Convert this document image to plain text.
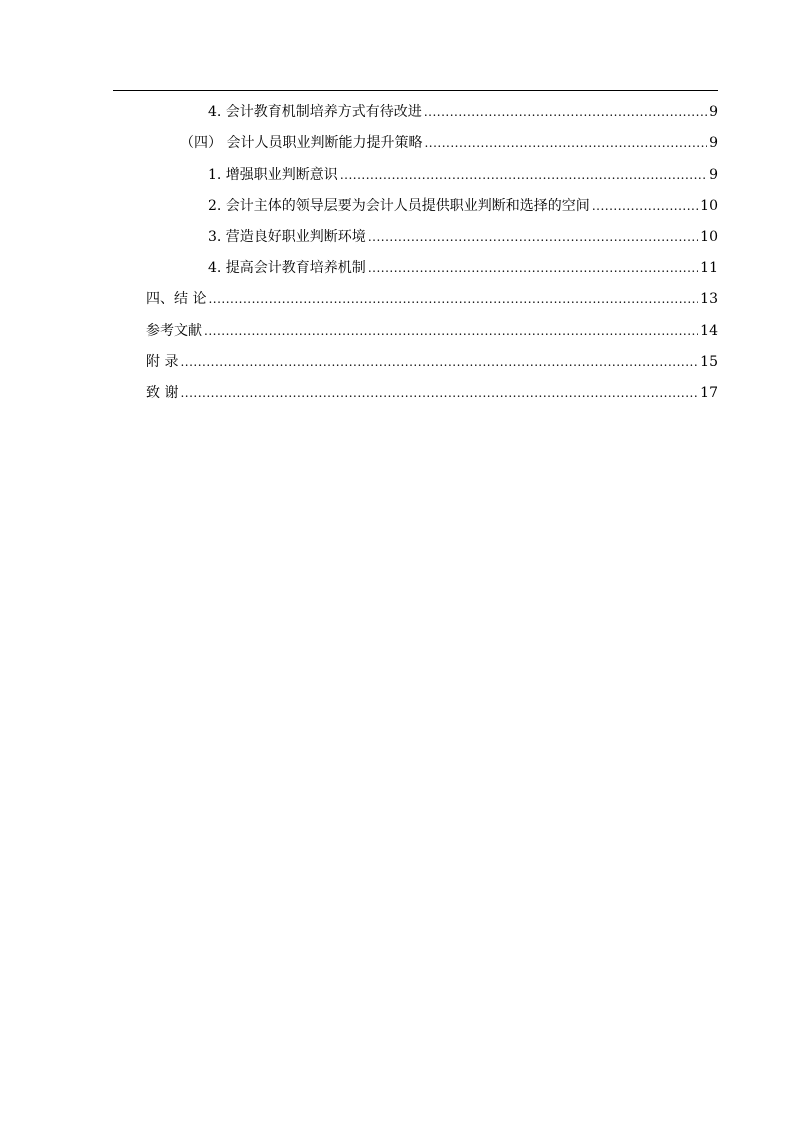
4. 会计教育机制培养方式有待改进 .....	9
（四） 会计人员职业判断能力提升策略 .....	9
1. 增强职业判断意识 .....	9
2. 会计主体的领导层要为会计人员提供职业判断和选择的空间 .....	10
3. 营造良好职业判断环境 .....	10
4. 提高会计教育培养机制 .....	11
四、结 论 .....	13
参考文献 .....	14
附 录 .....	15
致 谢 .....	17
